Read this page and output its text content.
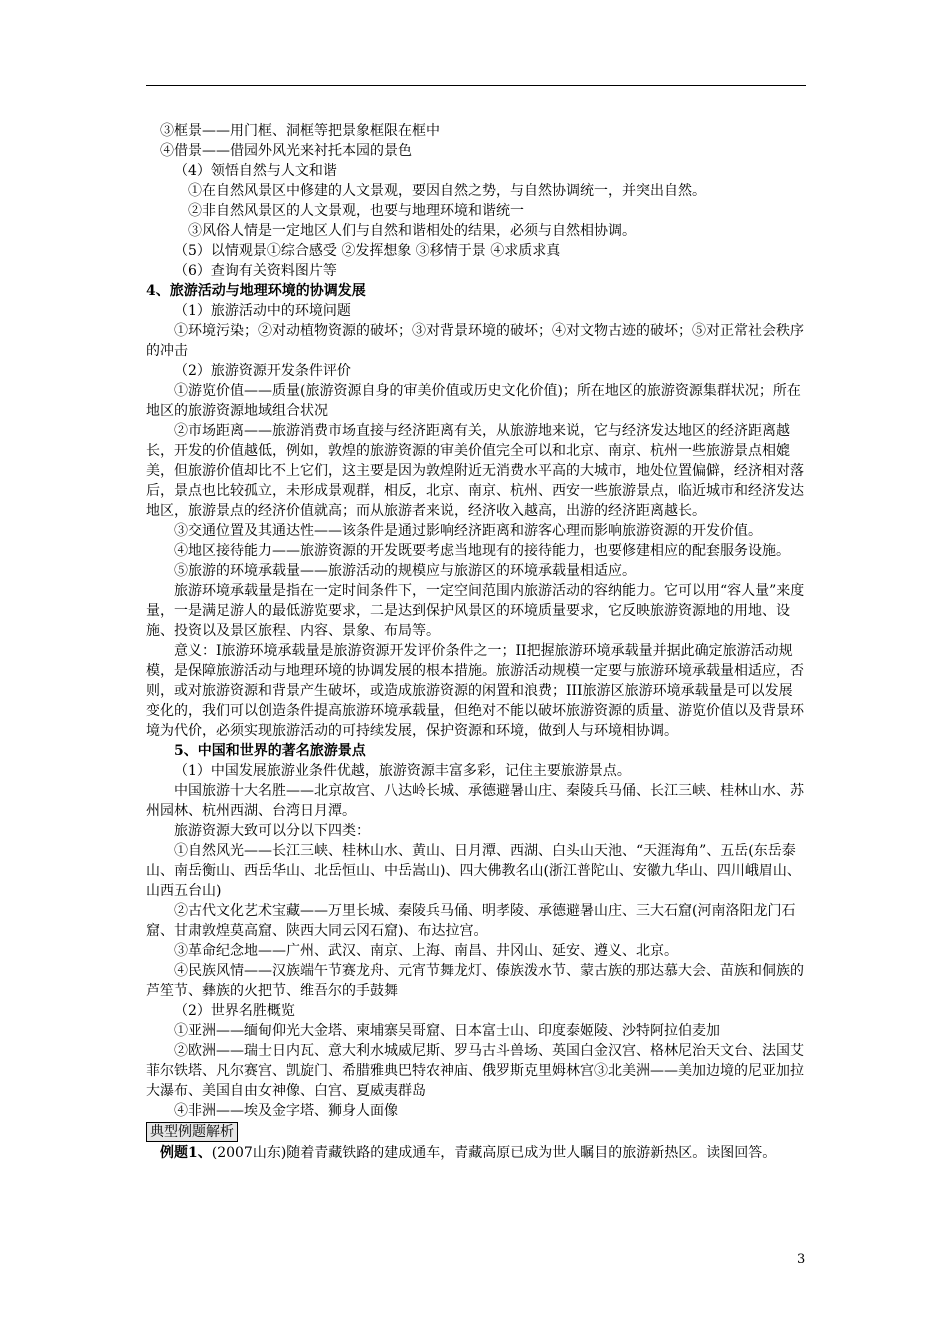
③框景——用门框、洞框等把景象框限在框中

④借景——借园外风光来衬托本园的景色

（4）领悟自然与人文和谐

①在自然风景区中修建的人文景观，要因自然之势，与自然协调统一，并突出自然。

②非自然风景区的人文景观，也要与地理环境和谐统一

③风俗人情是一定地区人们与自然和谐相处的结果，必须与自然相协调。

（5）以情观景①综合感受 ②发挥想象 ③移情于景 ④求质求真

（6）查询有关资料图片等

4、旅游活动与地理环境的协调发展

（1）旅游活动中的环境问题

①环境污染；②对动植物资源的破坏；③对背景环境的破坏；④对文物古迹的破坏；⑤对正常社会秩序的冲击

（2）旅游资源开发条件评价

①游览价值——质量(旅游资源自身的审美价值或历史文化价值)；所在地区的旅游资源集群状况；所在地区的旅游资源地域组合状况

②市场距离——旅游消费市场直接与经济距离有关，从旅游地来说，它与经济发达地区的经济距离越长，开发的价值越低，例如，敦煌的旅游资源的审美价值完全可以和北京、南京、杭州一些旅游景点相媲美，但旅游价值却比不上它们，这主要是因为敦煌附近无消费水平高的大城市，地处位置偏僻，经济相对落后，景点也比较孤立，未形成景观群，相反，北京、南京、杭州、西安一些旅游景点，临近城市和经济发达地区，旅游景点的经济价值就高；而从旅游者来说，经济收入越高，出游的经济距离越长。

③交通位置及其通达性——该条件是通过影响经济距离和游客心理而影响旅游资源的开发价值。

④地区接待能力——旅游资源的开发既要考虑当地现有的接待能力，也要修建相应的配套服务设施。

⑤旅游的环境承载量——旅游活动的规模应与旅游区的环境承载量相适应。

旅游环境承载量是指在一定时间条件下，一定空间范围内旅游活动的容纳能力。它可以用“容人量”来度量，一是满足游人的最低游览要求，二是达到保护风景区的环境质量要求，它反映旅游资源地的用地、设施、投资以及景区旅程、内容、景象、布局等。

意义：I旅游环境承载量是旅游资源开发评价条件之一；II把握旅游环境承载量并据此确定旅游活动规模，是保障旅游活动与地理环境的协调发展的根本措施。旅游活动规模一定要与旅游环境承载量相适应，否则，或对旅游资源和背景产生破坏，或造成旅游资源的闲置和浪费；III旅游区旅游环境承载量是可以发展变化的，我们可以创造条件提高旅游环境承载量，但绝对不能以破坏旅游资源的质量、游览价值以及背景环境为代价，必须实现旅游活动的可持续发展，保护资源和环境，做到人与环境相协调。

5、中国和世界的著名旅游景点

（1）中国发展旅游业条件优越，旅游资源丰富多彩，记住主要旅游景点。

中国旅游十大名胜——北京故宫、八达岭长城、承德避暑山庄、秦陵兵马俑、长江三峡、桂林山水、苏州园林、杭州西湖、台湾日月潭。

旅游资源大致可以分以下四类：

①自然风光——长江三峡、桂林山水、黄山、日月潭、西湖、白头山天池、“天涯海角”、五岳(东岳泰山、南岳衡山、西岳华山、北岳恒山、中岳嵩山)、四大佛教名山(浙江普陀山、安徽九华山、四川峨眉山、山西五台山)

②古代文化艺术宝藏——万里长城、秦陵兵马俑、明孝陵、承德避暑山庄、三大石窟(河南洛阳龙门石窟、甘肃敦煌莫高窟、陕西大同云冈石窟)、布达拉宫。

③革命纪念地——广州、武汉、南京、上海、南昌、井冈山、延安、遵义、北京。

④民族风情——汉族端午节赛龙舟、元宵节舞龙灯、傣族泼水节、蒙古族的那达慕大会、苗族和侗族的芦笙节、彝族的火把节、维吾尔的手鼓舞

（2）世界名胜概览

①亚洲——缅甸仰光大金塔、柬埔寨吴哥窟、日本富士山、印度泰姬陵、沙特阿拉伯麦加

②欧洲——瑞士日内瓦、意大利水城威尼斯、罗马古斗兽场、英国白金汉宫、格林尼治天文台、法国艾菲尔铁塔、凡尔赛宫、凯旋门、希腊雅典巴特农神庙、俄罗斯克里姆林宫③北美洲——美加边境的尼亚加拉大瀑布、美国自由女神像、白宫、夏威夷群岛

④非洲——埃及金字塔、狮身人面像

典型例题解析

例题1、(2007山东)随着青藏铁路的建成通车，青藏高原已成为世人瞩目的旅游新热区。读图回答。

3
